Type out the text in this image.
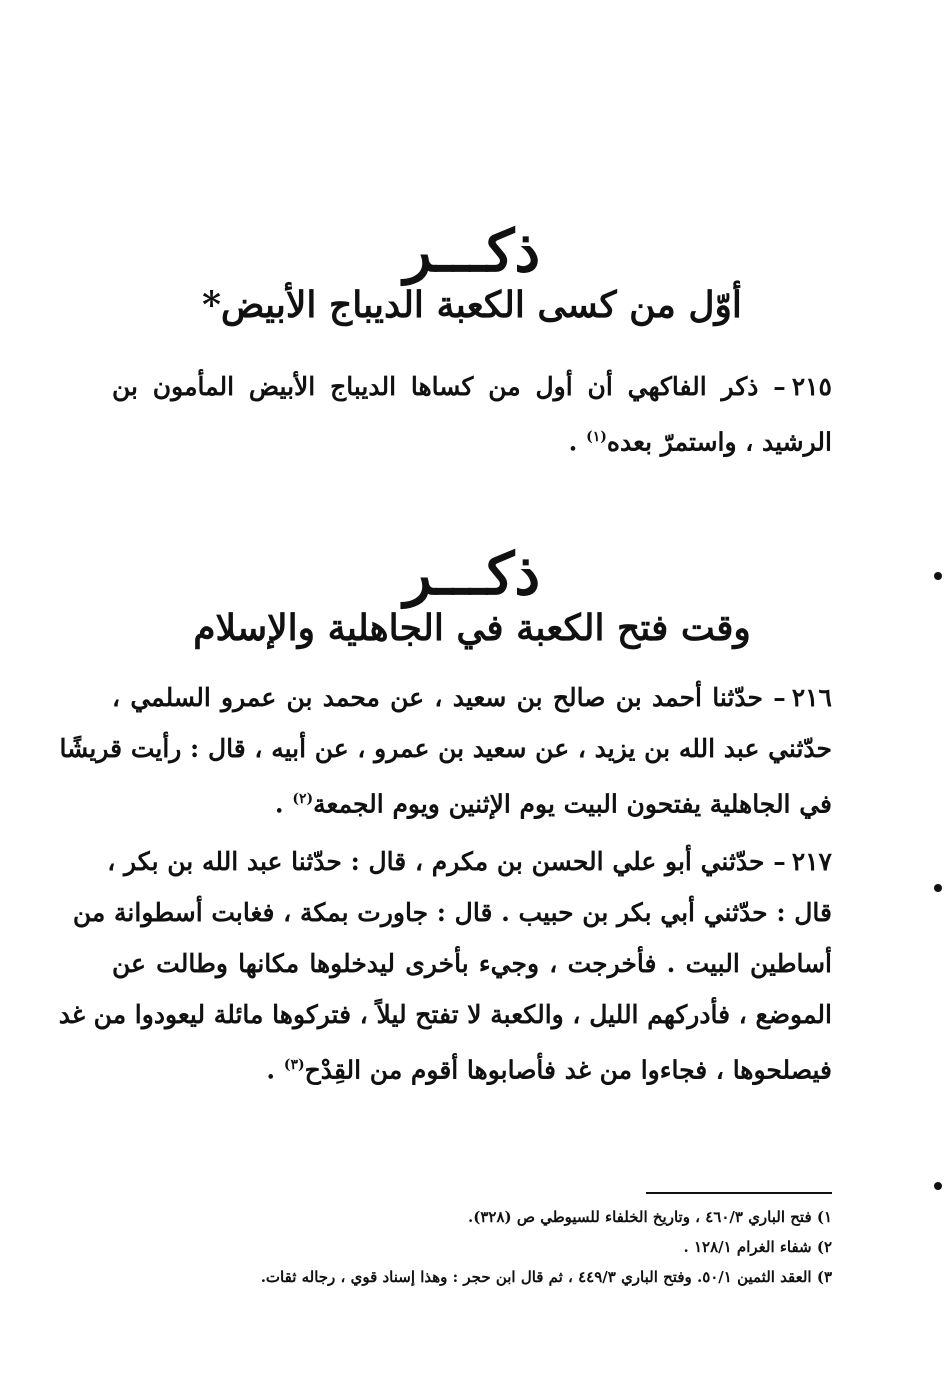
ذكـــر
أوّل من كسى الكعبة الديباج الأبيض*
٢١٥– ذكر الفاكهي أن أول من كساها الديباج الأبيض المأمون بن
الرشيد ، واستمرّ بعده$^{(١)}$ .
ذكـــر
وقت فتح الكعبة في الجاهلية والإسلام
٢١٦– حدّثنا أحمد بن صالح بن سعيد ، عن محمد بن عمرو السلمي ،
حدّثني عبد الله بن يزيد ، عن سعيد بن عمرو ، عن أبيه ، قال : رأيت قريشًا
في الجاهلية يفتحون البيت يوم الإثنين ويوم الجمعة$^{(٢)}$ .
٢١٧– حدّثني أبو علي الحسن بن مكرم ، قال : حدّثنا عبد الله بن بكر ،
قال : حدّثني أبي بكر بن حبيب . قال : جاورت بمكة ، فغابت أسطوانة من
أساطين البيت . فأخرجت ، وجيء بأخرى ليدخلوها مكانها وطالت عن
الموضع ، فأدركهم الليل ، والكعبة لا تفتح ليلاً ، فتركوها مائلة ليعودوا من غد
فيصلحوها ، فجاءوا من غد فأصابوها أقوم من القِدْح$^{(٣)}$ .
١) فتح الباري ٤٦٠/٣ ، وتاريخ الخلفاء للسيوطي ص (٣٢٨).
٢) شفاء الغرام ١٢٨/١ .
٣) العقد الثمين ٥٠/١. وفتح الباري ٤٤٩/٣ ، ثم قال ابن حجر : وهذا إسناد قوي ، رجاله ثقات.
